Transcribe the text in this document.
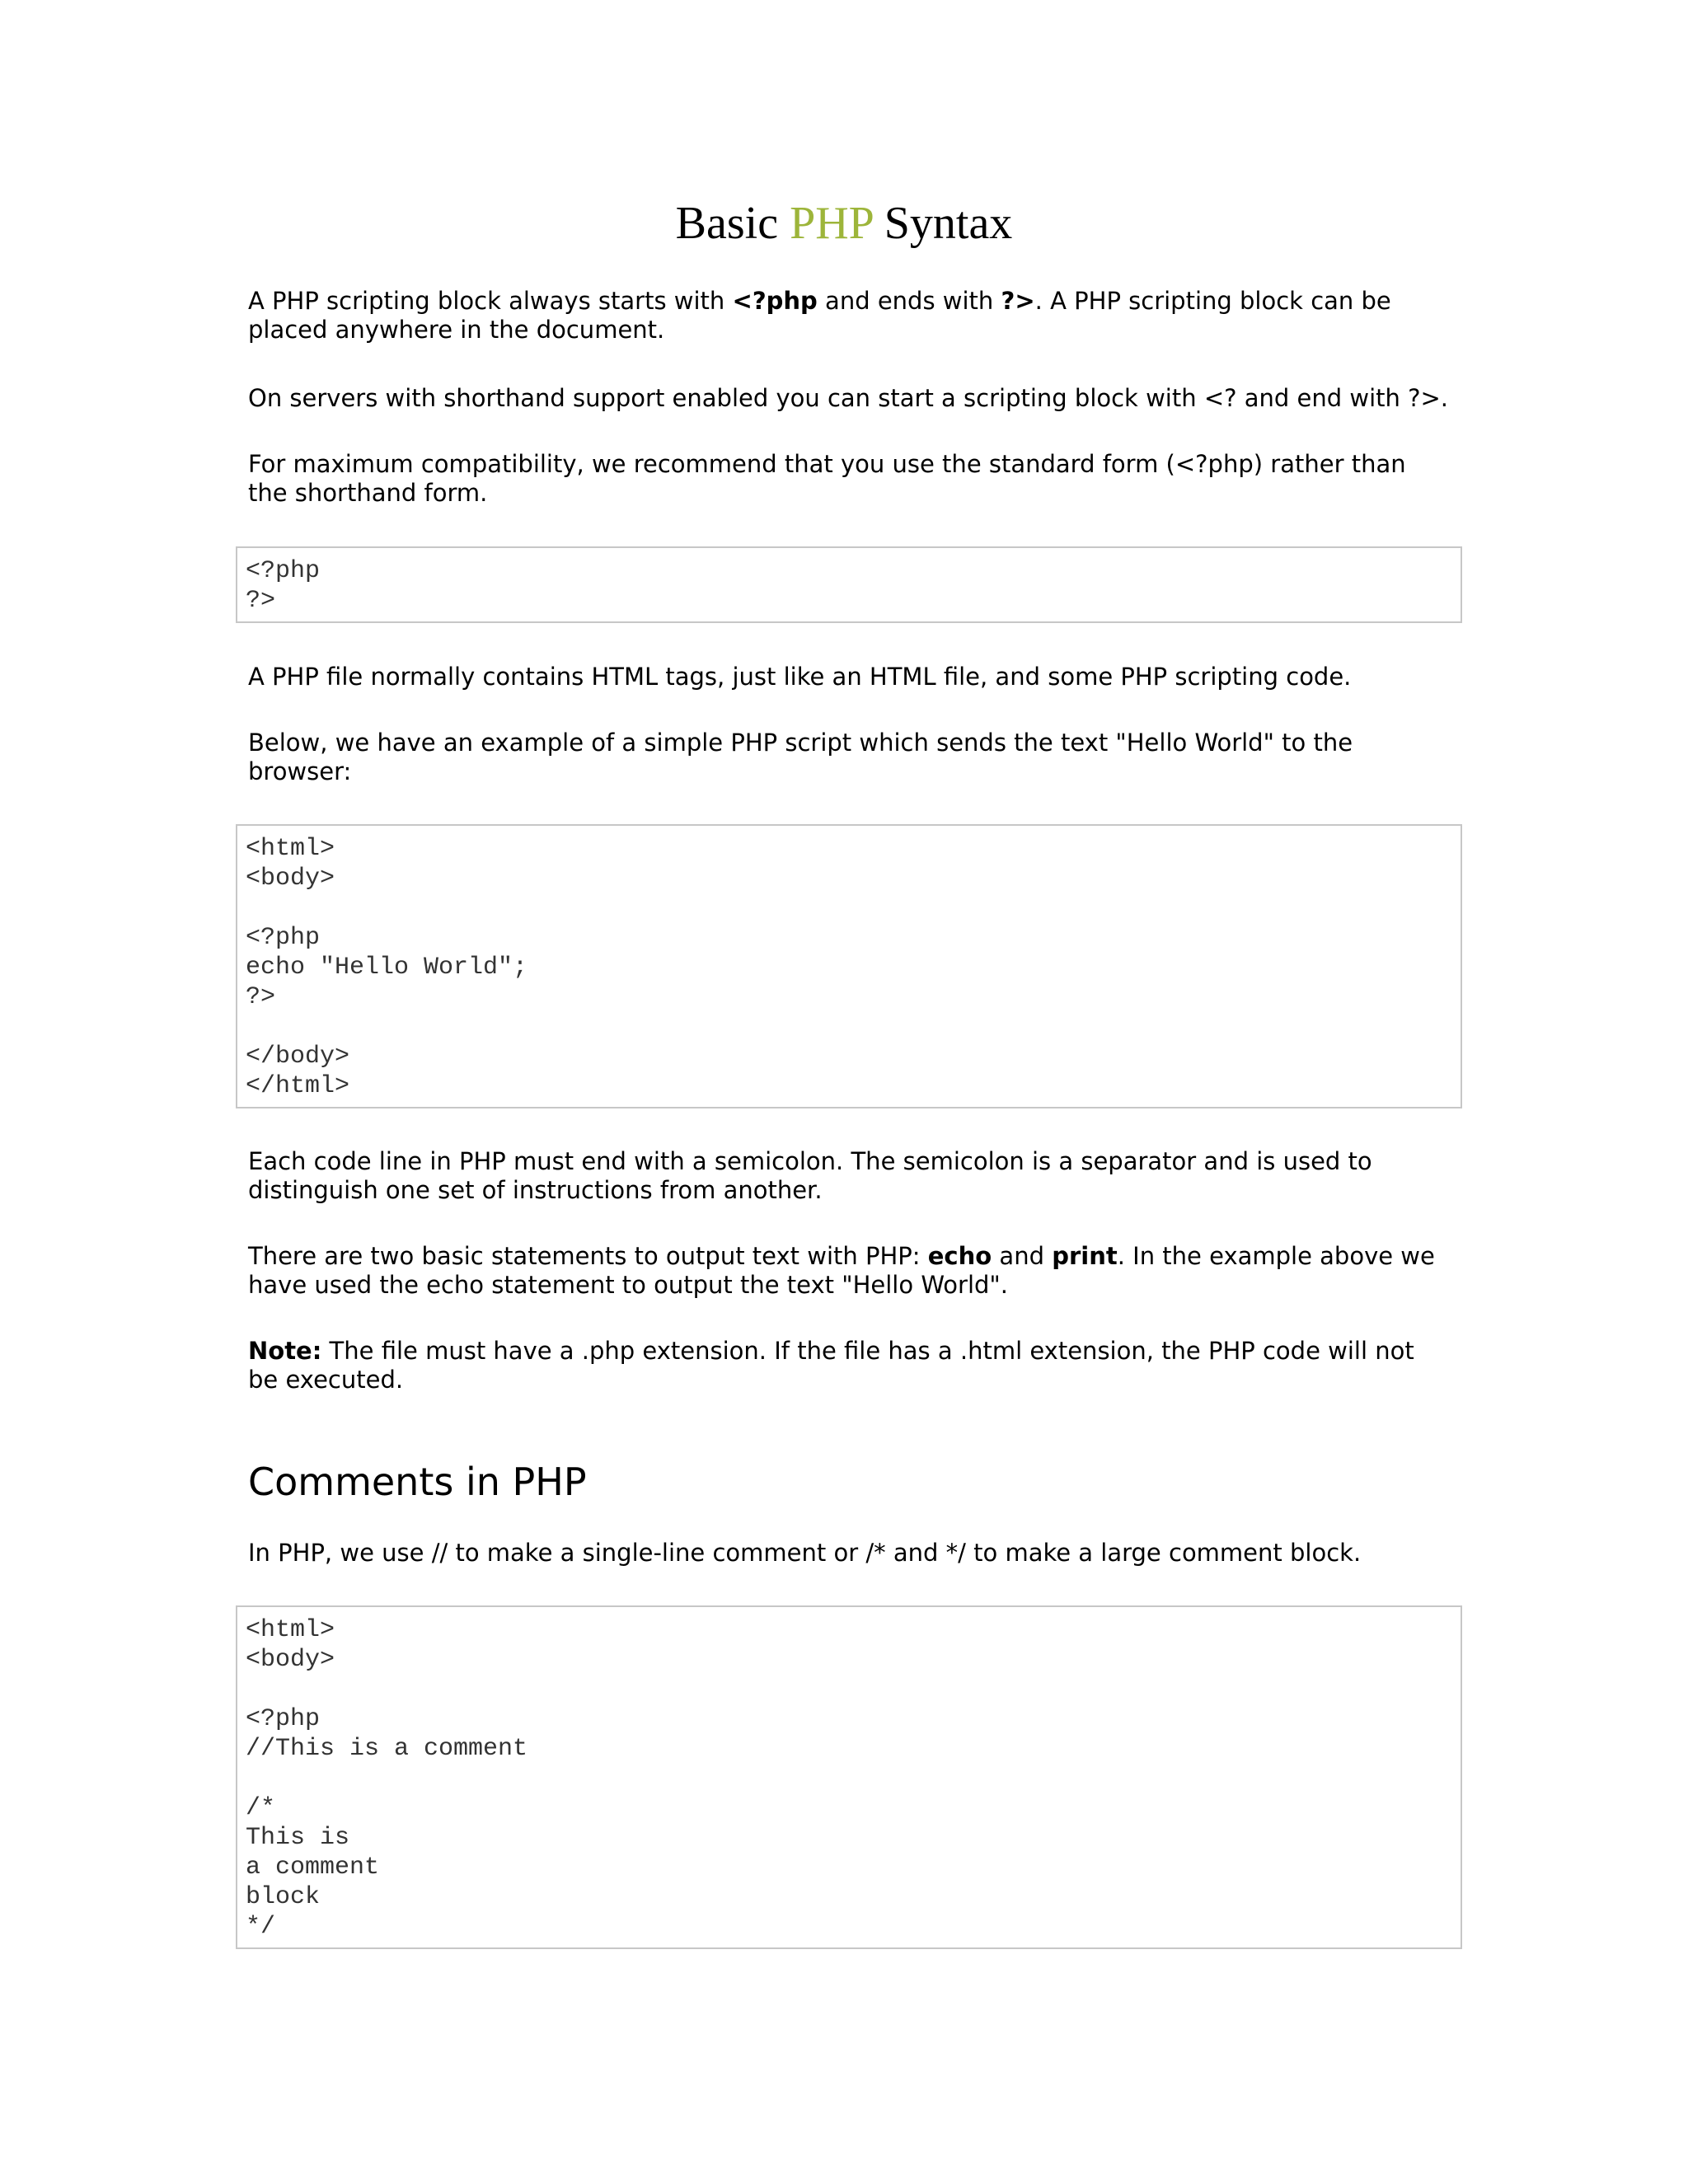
Basic PHP Syntax

A PHP scripting block always starts with <?php and ends with ?>. A PHP scripting block can be placed anywhere in the document.

On servers with shorthand support enabled you can start a scripting block with <? and end with ?>.

For maximum compatibility, we recommend that you use the standard form (<?php) rather than the shorthand form.

<?php
?>

A PHP file normally contains HTML tags, just like an HTML file, and some PHP scripting code.

Below, we have an example of a simple PHP script which sends the text "Hello World" to the browser:

<html>
<body>

<?php
echo "Hello World";
?>

</body>
</html>

Each code line in PHP must end with a semicolon. The semicolon is a separator and is used to distinguish one set of instructions from another.

There are two basic statements to output text with PHP: echo and print. In the example above we have used the echo statement to output the text "Hello World".

Note: The file must have a .php extension. If the file has a .html extension, the PHP code will not be executed.

Comments in PHP

In PHP, we use // to make a single-line comment or /* and */ to make a large comment block.

<html>
<body>

<?php
//This is a comment

/*
This is
a comment
block
*/
